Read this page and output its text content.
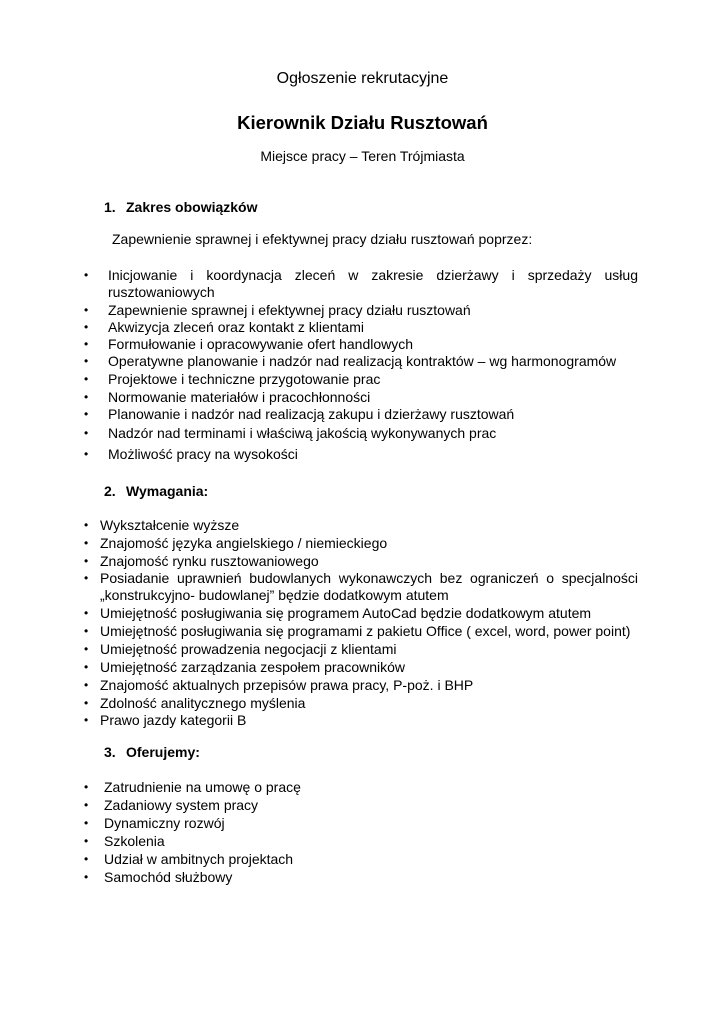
Ogłoszenie rekrutacyjne
Kierownik Działu Rusztowań
Miejsce pracy – Teren Trójmiasta
1. Zakres obowiązków
Zapewnienie sprawnej i efektywnej pracy działu rusztowań poprzez:
• Inicjowanie i koordynacja zleceń w zakresie dzierżawy i sprzedaży usług rusztowaniowych
• Zapewnienie sprawnej i efektywnej pracy działu rusztowań
• Akwizycja zleceń oraz kontakt z klientami
• Formułowanie i opracowywanie ofert handlowych
• Operatywne planowanie i nadzór nad realizacją kontraktów – wg harmonogramów
• Projektowe i techniczne przygotowanie prac
• Normowanie materiałów i pracochłonności
• Planowanie i nadzór nad realizacją zakupu i dzierżawy rusztowań
• Nadzór nad terminami i właściwą jakością wykonywanych prac
• Możliwość pracy na wysokości
2. Wymagania:
• Wykształcenie wyższe
• Znajomość języka angielskiego / niemieckiego
• Znajomość rynku rusztowaniowego
• Posiadanie uprawnień budowlanych wykonawczych bez ograniczeń o specjalności „konstrukcyjno- budowlanej” będzie dodatkowym atutem
• Umiejętność posługiwania się programem AutoCad będzie dodatkowym atutem
• Umiejętność posługiwania się programami z pakietu Office ( excel, word, power point)
• Umiejętność prowadzenia negocjacji z klientami
• Umiejętność zarządzania zespołem pracowników
• Znajomość aktualnych przepisów prawa pracy, P-poż. i BHP
• Zdolność analitycznego myślenia
• Prawo jazdy kategorii B
3. Oferujemy:
• Zatrudnienie na umowę o pracę
• Zadaniowy system pracy
• Dynamiczny rozwój
• Szkolenia
• Udział w ambitnych projektach
• Samochód służbowy
